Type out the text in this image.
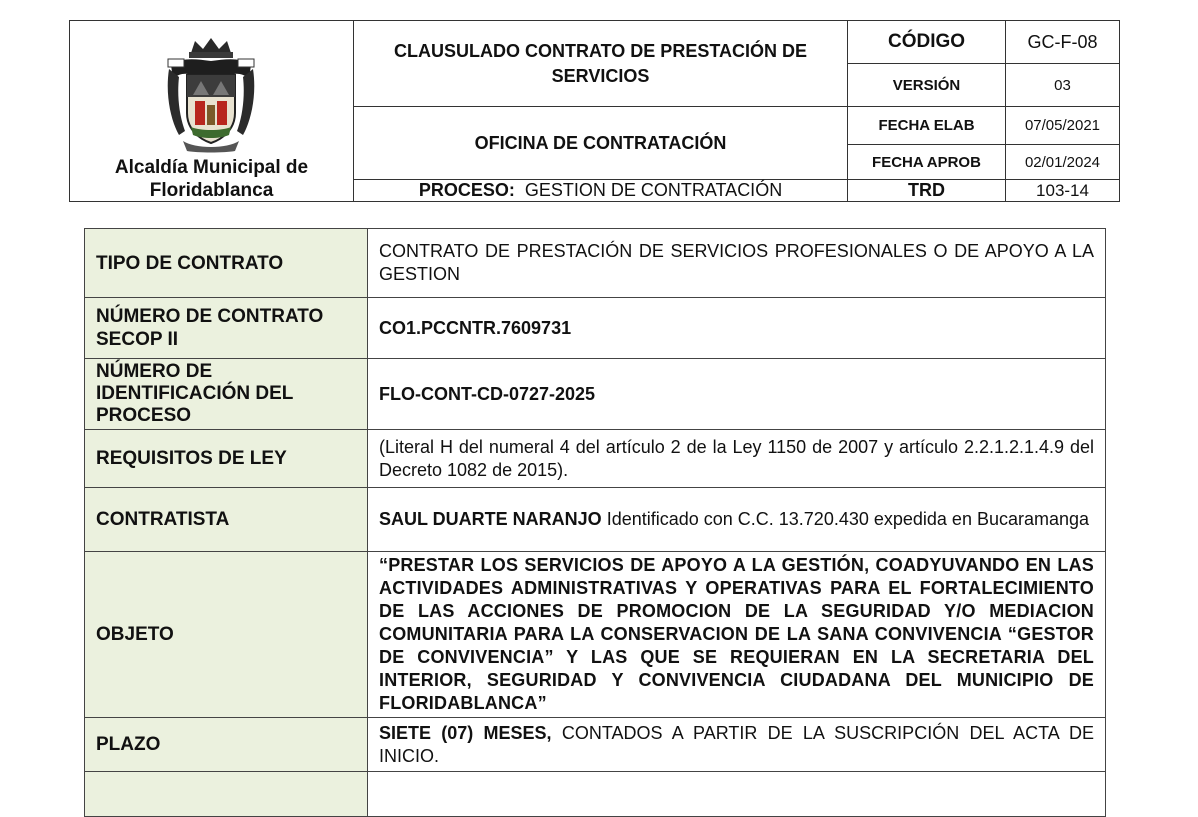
Alcaldía Municipal de
Floridablanca	CLAUSULADO CONTRATO DE PRESTACIÓN DE SERVICIOS	CÓDIGO	GC-F-08
		VERSIÓN	03
	OFICINA DE CONTRATACIÓN	FECHA ELAB	07/05/2021
		FECHA APROB	02/01/2024
	PROCESO: GESTION DE CONTRATACIÓN	TRD	103-14
TIPO DE CONTRATO	CONTRATO DE PRESTACIÓN DE SERVICIOS PROFESIONALES O DE APOYO A LA GESTION
NÚMERO DE CONTRATO SECOP II	CO1.PCCNTR.7609731
NÚMERO DE IDENTIFICACIÓN DEL PROCESO	FLO-CONT-CD-0727-2025
REQUISITOS DE LEY	(Literal H del numeral 4 del artículo 2 de la Ley 1150 de 2007 y artículo 2.2.1.2.1.4.9 del Decreto 1082 de 2015).
CONTRATISTA	SAUL DUARTE NARANJO Identificado con C.C. 13.720.430 expedida en Bucaramanga
OBJETO	“PRESTAR LOS SERVICIOS DE APOYO A LA GESTIÓN, COADYUVANDO EN LAS ACTIVIDADES ADMINISTRATIVAS Y OPERATIVAS PARA EL FORTALECIMIENTO DE LAS ACCIONES DE PROMOCION DE LA SEGURIDAD Y/O MEDIACION COMUNITARIA PARA LA CONSERVACION DE LA SANA CONVIVENCIA “GESTOR DE CONVIVENCIA” Y LAS QUE SE REQUIERAN EN LA SECRETARIA DEL INTERIOR, SEGURIDAD Y CONVIVENCIA CIUDADANA DEL MUNICIPIO DE FLORIDABLANCA”
PLAZO	SIETE (07) MESES, CONTADOS A PARTIR DE LA SUSCRIPCIÓN DEL ACTA DE INICIO.
